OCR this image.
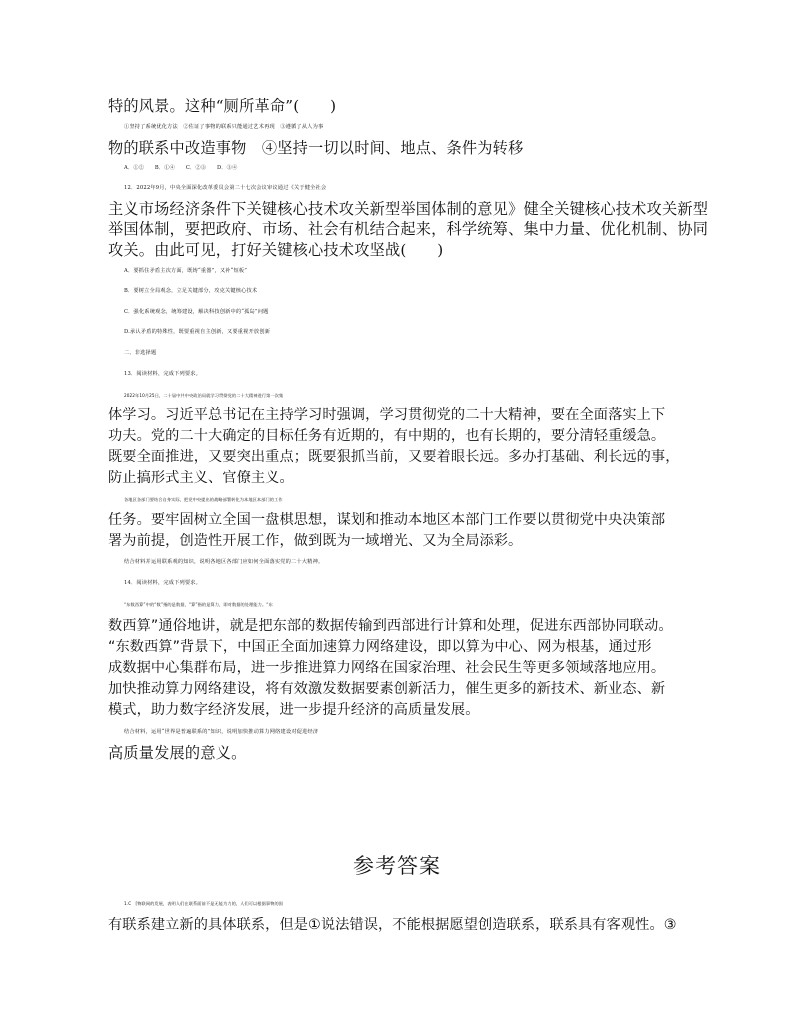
特的风景。这种“厕所革命”(　　)
①坚持了系统优化方法　②佐证了事物的联系只能通过艺术再现　③遵循了从人为事
物的联系中改造事物　④坚持一切以时间、地点、条件为转移
A．①②　　B．①④　　C．②③　　D．③④
12．2022年9月，中央全面深化改革委员会第二十七次会议审议通过《关于健全社会
主义市场经济条件下关键核心技术攻关新型举国体制的意见》健全关键核心技术攻关新型
举国体制，要把政府、市场、社会有机结合起来，科学统筹、集中力量、优化机制、协同
攻关。由此可见，打好关键核心技术攻坚战(　　)
A．要抓住矛盾主次方面，既铸“重器”，又补“短板”
B．要树立全局观念，立足关键部分，攻克关键核心技术
C．强化系统观念，统筹建设，解决科技创新中的“孤岛”问题
D.承认矛盾的特殊性，既要重视自主创新，又要重视开放创新
二、非选择题
13．阅读材料，完成下列要求。
2022年10月25日，二十届中共中央政治局就学习贯彻党的二十大精神进行第一次集
体学习。习近平总书记在主持学习时强调，学习贯彻党的二十大精神，要在全面落实上下
功夫。党的二十大确定的目标任务有近期的，有中期的，也有长期的，要分清轻重缓急。
既要全面推进，又要突出重点；既要狠抓当前，又要着眼长远。多办打基础、利长远的事，
防止搞形式主义、官僚主义。
各地区各部门要结合自身实际，把党中央提出的战略部署转化为本地区本部门的工作
任务。要牢固树立全国一盘棋思想，谋划和推动本地区本部门工作要以贯彻党中央决策部
署为前提，创造性开展工作，做到既为一域增光、又为全局添彩。
结合材料并运用联系观的知识，说明各地区各部门应如何全面落实党的二十大精神。
14．阅读材料，完成下列要求。
“东数西算”中的“数”指的是数据，“算”指的是算力，即对数据的处理能力。“东
数西算”通俗地讲，就是把东部的数据传输到西部进行计算和处理，促进东西部协同联动。
“东数西算”背景下，中国正全面加速算力网络建设，即以算为中心、网为根基，通过形
成数据中心集群布局，进一步推进算力网络在国家治理、社会民生等更多领域落地应用。
加快推动算力网络建设，将有效激发数据要素创新活力，催生更多的新技术、新业态、新
模式，助力数字经济发展，进一步提升经济的高质量发展。
结合材料，运用“世界是普遍联系的”知识，说明加快推动算力网络建设对促进经济
高质量发展的意义。
参考答案
1.C　[物联网的发展，表明人们在联系面前不是无能为力的，人们可以根据事物的固
有联系建立新的具体联系，但是①说法错误，不能根据愿望创造联系，联系具有客观性。③
